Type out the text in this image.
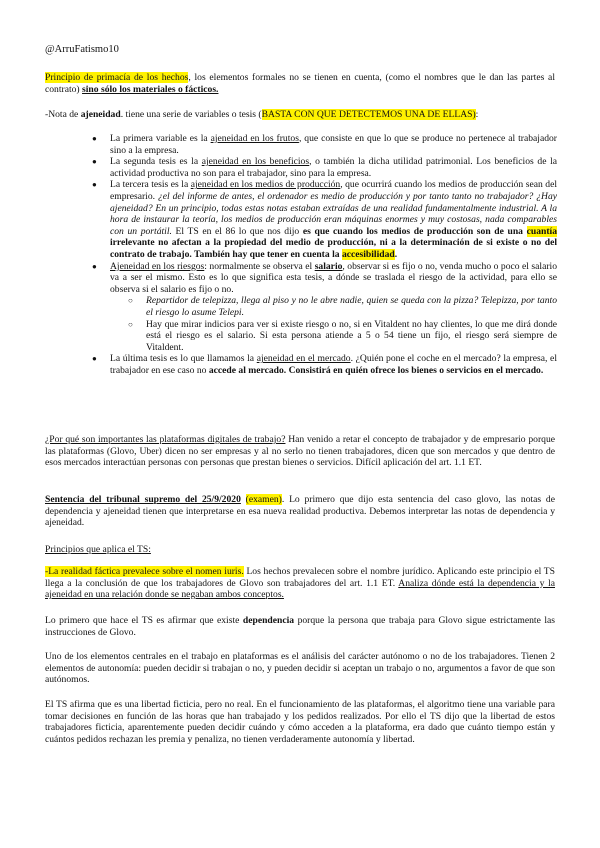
@ArruFatismo10

Principio de primacía de los hechos, los elementos formales no se tienen en cuenta, (como el nombres que le dan las partes al contrato) sino sólo los materiales o fácticos.

-Nota de ajeneidad. tiene una serie de variables o tesis (BASTA CON QUE DETECTEMOS UNA DE ELLAS):

● La primera variable es la ajeneidad en los frutos, que consiste en que lo que se produce no pertenece al trabajador sino a la empresa.
● La segunda tesis es la ajeneidad en los beneficios, o también la dicha utilidad patrimonial. Los beneficios de la actividad productiva no son para el trabajador, sino para la empresa.
● La tercera tesis es la ajeneidad en los medios de producción, que ocurrirá cuando los medios de producción sean del empresario. ¿el del informe de antes, el ordenador es medio de producción y por tanto tanto no trabajador? ¿Hay ajeneidad? En un principio, todas estas notas estaban extraídas de una realidad fundamentalmente industrial. A la hora de instaurar la teoría, los medios de producción eran máquinas enormes y muy costosas, nada comparables con un portátil. El TS en el 86 lo que nos dijo es que cuando los medios de producción son de una cuantía irrelevante no afectan a la propiedad del medio de producción, ni a la determinación de si existe o no del contrato de trabajo. También hay que tener en cuenta la accesibilidad.
● Ajeneidad en los riesgos: normalmente se observa el salario, observar si es fijo o no, venda mucho o poco el salario va a ser el mismo. Esto es lo que significa esta tesis, a dónde se traslada el riesgo de la actividad, para ello se observa si el salario es fijo o no.
○ Repartidor de telepizza, llega al piso y no le abre nadie, quien se queda con la pizza? Telepizza, por tanto el riesgo lo asume Telepi.
○ Hay que mirar indicios para ver si existe riesgo o no, si en Vitaldent no hay clientes, lo que me dirá donde está el riesgo es el salario. Si esta persona atiende a 5 o 54 tiene un fijo, el riesgo será siempre de Vitaldent.
● La última tesis es lo que llamamos la ajeneidad en el mercado. ¿Quién pone el coche en el mercado? la empresa, el trabajador en ese caso no accede al mercado. Consistirá en quién ofrece los bienes o servicios en el mercado.

¿Por qué son importantes las plataformas digitales de trabajo? Han venido a retar el concepto de trabajador y de empresario porque las plataformas (Glovo, Uber) dicen no ser empresas y al no serlo no tienen trabajadores, dicen que son mercados y que dentro de esos mercados interactúan personas con personas que prestan bienes o servicios. Difícil aplicación del art. 1.1 ET.

Sentencia del tribunal supremo del 25/9/2020 (examen). Lo primero que dijo esta sentencia del caso glovo, las notas de dependencia y ajeneidad tienen que interpretarse en esa nueva realidad productiva. Debemos interpretar las notas de dependencia y ajeneidad.

Principios que aplica el TS:

-La realidad fáctica prevalece sobre el nomen iuris. Los hechos prevalecen sobre el nombre jurídico. Aplicando este principio el TS llega a la conclusión de que los trabajadores de Glovo son trabajadores del art. 1.1 ET. Analiza dónde está la dependencia y la ajeneidad en una relación donde se negaban ambos conceptos.

Lo primero que hace el TS es afirmar que existe dependencia porque la persona que trabaja para Glovo sigue estrictamente las instrucciones de Glovo.

Uno de los elementos centrales en el trabajo en plataformas es el análisis del carácter autónomo o no de los trabajadores. Tienen 2 elementos de autonomía: pueden decidir si trabajan o no, y pueden decidir si aceptan un trabajo o no, argumentos a favor de que son autónomos.

El TS afirma que es una libertad ficticia, pero no real. En el funcionamiento de las plataformas, el algoritmo tiene una variable para tomar decisiones en función de las horas que han trabajado y los pedidos realizados. Por ello el TS dijo que la libertad de estos trabajadores ficticia, aparentemente pueden decidir cuándo y cómo acceden a la plataforma, era dado que cuánto tiempo están y cuántos pedidos rechazan les premia y penaliza, no tienen verdaderamente autonomía y libertad.
